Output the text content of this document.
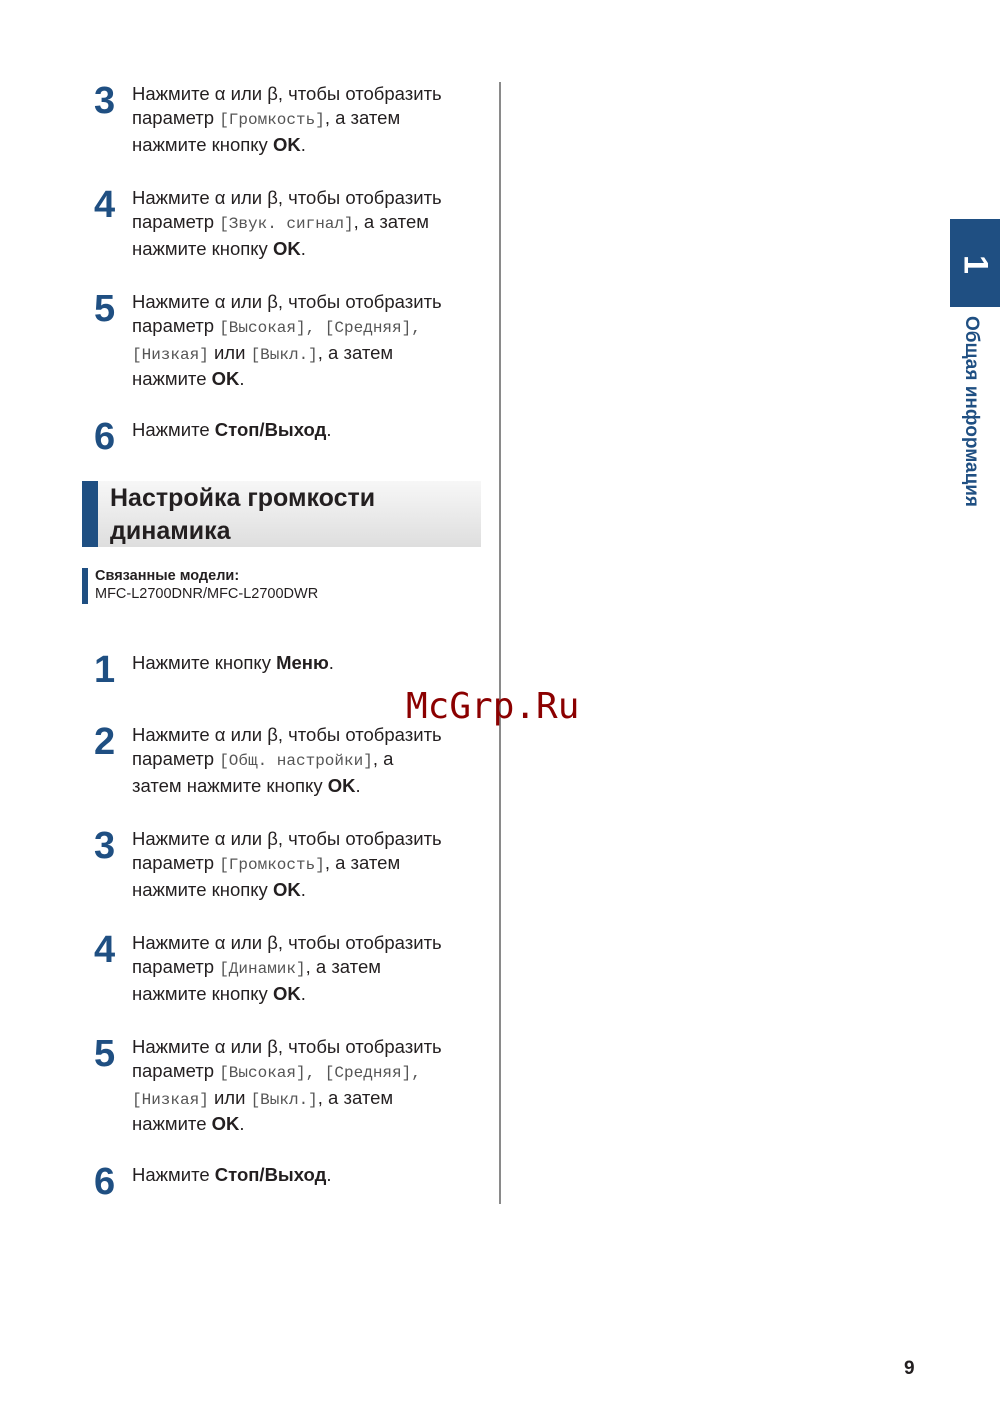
3 Нажмите α или β, чтобы отобразить
параметр [Громкость], а затем
нажмите кнопку OK.
4 Нажмите α или β, чтобы отобразить
параметр [Звук. сигнал], а затем
нажмите кнопку OK.
5 Нажмите α или β, чтобы отобразить
параметр [Высокая], [Средняя],
[Низкая] или [Выкл.], а затем
нажмите OK.
6 Нажмите Стоп/Выход.
Настройка громкости динамика
Связанные модели:
MFC-L2700DNR/MFC-L2700DWR
1 Нажмите кнопку Меню.
2 Нажмите α или β, чтобы отобразить
параметр [Общ. настройки], а
затем нажмите кнопку OK.
3 Нажмите α или β, чтобы отобразить
параметр [Громкость], а затем
нажмите кнопку OK.
4 Нажмите α или β, чтобы отобразить
параметр [Динамик], а затем
нажмите кнопку OK.
5 Нажмите α или β, чтобы отобразить
параметр [Высокая], [Средняя],
[Низкая] или [Выкл.], а затем
нажмите OK.
6 Нажмите Стоп/Выход.
1
Общая информация
McGrp.Ru
9
